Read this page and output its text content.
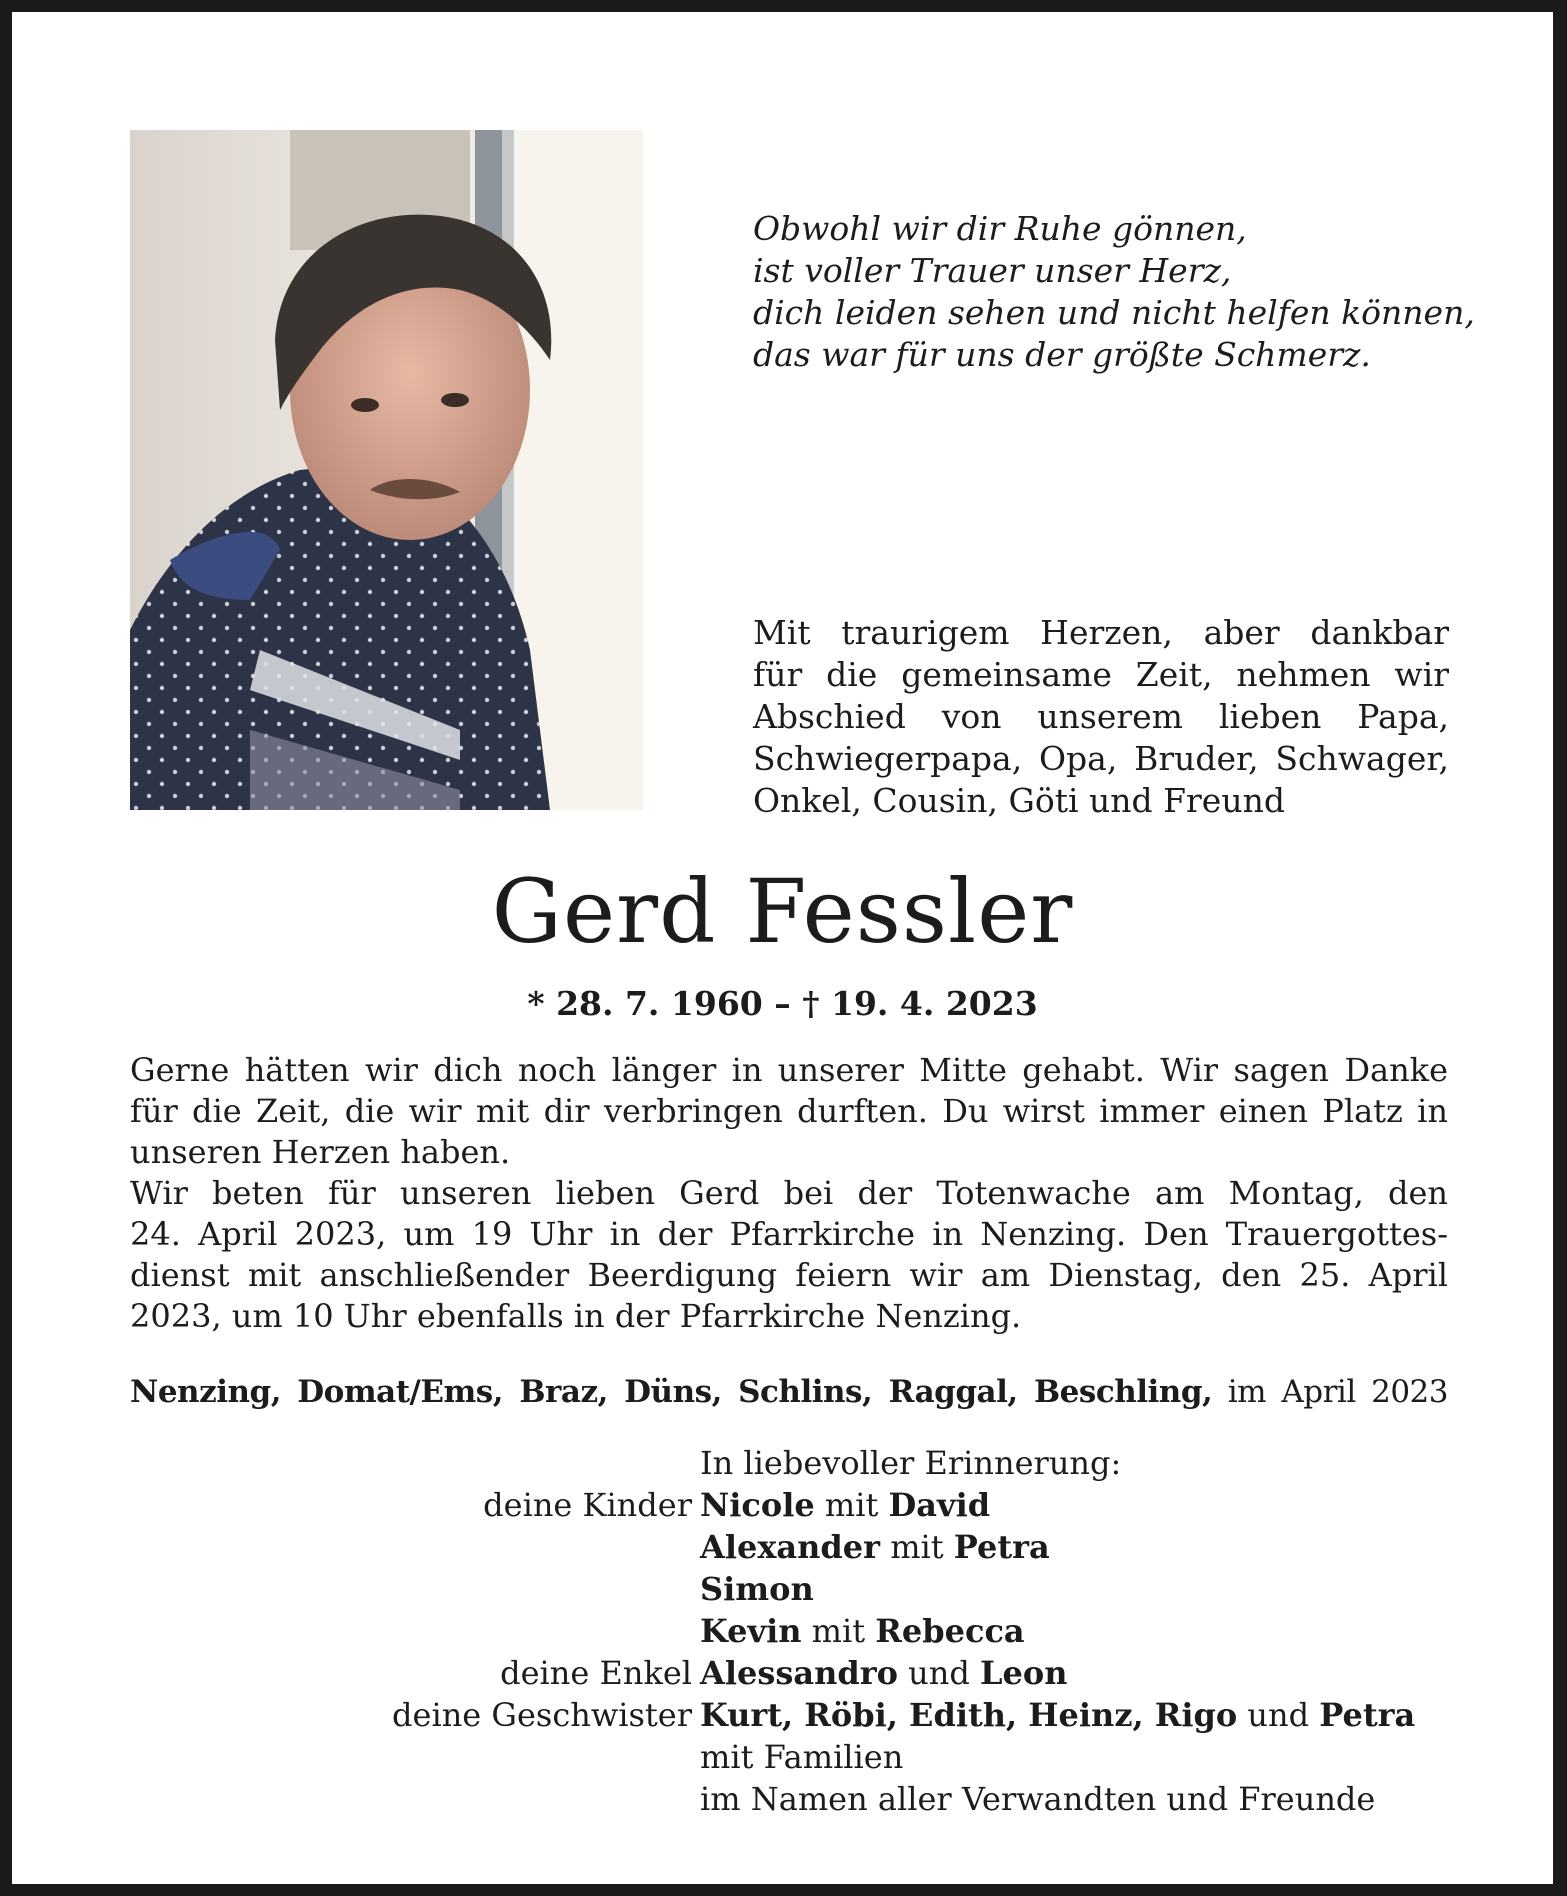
Obwohl wir dir Ruhe gönnen,
ist voller Trauer unser Herz,
dich leiden sehen und nicht helfen können,
das war für uns der größte Schmerz.
Mit traurigem Herzen, aber dankbar
für die gemeinsame Zeit, nehmen wir
Abschied von unserem lieben Papa,
Schwiegerpapa, Opa, Bruder, Schwager,
Onkel, Cousin, Göti und Freund
Gerd Fessler
* 28. 7. 1960 – † 19. 4. 2023
Gerne hätten wir dich noch länger in unserer Mitte gehabt. Wir sagen Danke
für die Zeit, die wir mit dir verbringen durften. Du wirst immer einen Platz in
unseren Herzen haben.
Wir beten für unseren lieben Gerd bei der Totenwache am Montag, den
24. April 2023, um 19 Uhr in der Pfarrkirche in Nenzing. Den Trauergottes-
dienst mit anschließender Beerdigung feiern wir am Dienstag, den 25. April
2023, um 10 Uhr ebenfalls in der Pfarrkirche Nenzing.
Nenzing, Domat/Ems, Braz, Düns, Schlins, Raggal, Beschling, im April 2023
In liebevoller Erinnerung:
deine Kinder Nicole mit David
Alexander mit Petra
Simon
Kevin mit Rebecca
deine Enkel Alessandro und Leon
deine Geschwister Kurt, Röbi, Edith, Heinz, Rigo und Petra
mit Familien
im Namen aller Verwandten und Freunde
